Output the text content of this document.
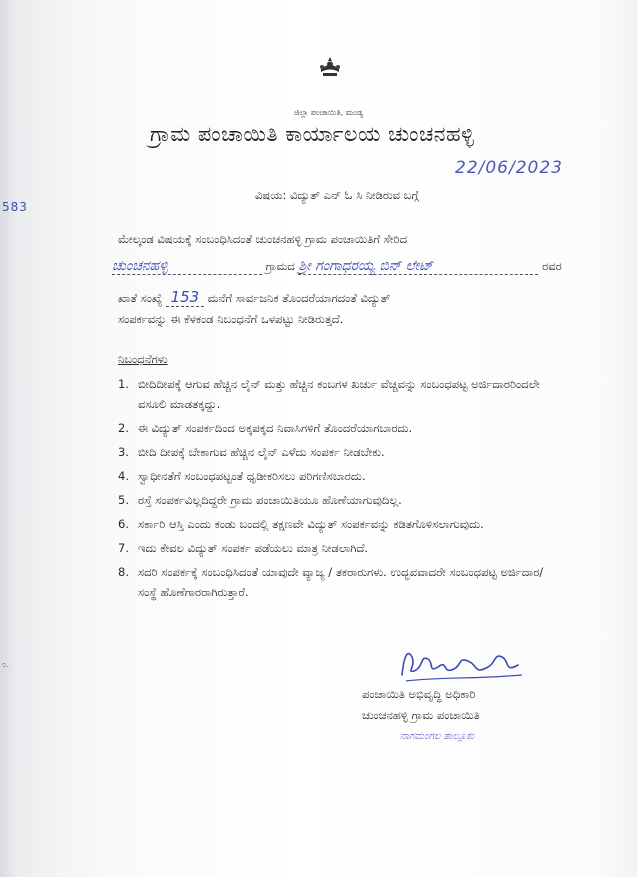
583
೦.
ಜಿಲ್ಲಾ ಪಂಚಾಯಿತಿ, ಮಂಡ್ಯ
ಗ್ರಾಮ ಪಂಚಾಯಿತಿ ಕಾರ್ಯಾಲಯ ಚುಂಚನಹಳ್ಳಿ
22/06/2023
ವಿಷಯ: ವಿದ್ಯುತ್ ಎನ್ ಓ ಸಿ ನೀಡಿರುವ ಬಗ್ಗೆ
ಮೇಲ್ಕಂಡ ವಿಷಯಕ್ಕೆ ಸಂಬಂಧಿಸಿದಂತೆ ಚುಂಚನಹಳ್ಳಿ ಗ್ರಾಮ ಪಂಚಾಯಿತಿಗೆ ಸೇರಿದ
ಚುಂಚನಹಳ್ಳಿ	ಗ್ರಾಮದ ಶ್ರೀ ಗಂಗಾಧರಯ್ಯ ಬಿನ್ ಲೇಟ್	ರವರ
ಖಾತೆ ಸಂಖ್ಯೆ 153 ಮನೆಗೆ ಸಾರ್ವಜನಿಕ ತೊಂದರೆಯಾಗದಂತೆ ವಿದ್ಯುತ್
ಸಂಪರ್ಕವನ್ನು ಈ ಕೆಳಕಂಡ ನಿಬಂಧನೆಗೆ ಒಳಪಟ್ಟು ನೀಡಿರುತ್ತದೆ.
ನಿಬಂಧನೆಗಳು
1. ಬೀದಿದೀಪಕ್ಕೆ ಆಗುವ ಹೆಚ್ಚಿನ ಲೈನ್ ಮತ್ತು ಹೆಚ್ಚಿನ ಕಂಬಗಳ ಖರ್ಚು ವೆಚ್ಚವನ್ನು ಸಂಬಂಧಪಟ್ಟ ಅರ್ಜಿದಾರರಿಂದಲೇ ವಸೂಲಿ ಮಾಡತಕ್ಕದ್ದು.
2. ಈ ವಿದ್ಯುತ್ ಸಂಪರ್ಕದಿಂದ ಅಕ್ಕಪಕ್ಕದ ನಿವಾಸಿಗಳಿಗೆ ತೊಂದರೆಯಾಗಬಾರದು.
3. ಬೀದಿ ದೀಪಕ್ಕೆ ಬೇಕಾಗುವ ಹೆಚ್ಚಿನ ಲೈನ್ ಎಳೆದು ಸಂಪರ್ಕ ನೀಡಬೇಕು.
4. ಸ್ವಾಧೀನತೆಗೆ ಸಂಬಂಧಪಟ್ಟಂತೆ ಧೃಡೀಕರಿಸಲು ಪರಿಗಣಿಸಬಾರದು.
5. ರಸ್ತೆ ಸಂಪರ್ಕವಿಲ್ಲದಿದ್ದರೇ ಗ್ರಾಮ ಪಂಚಾಯಿತಿಯೂ ಹೊಣೆಯಾಗುವುದಿಲ್ಲ.
6. ಸರ್ಕಾರಿ ಆಸ್ತಿ ಎಂದು ಕಂಡು ಬಂದಲ್ಲಿ ತಕ್ಷಣವೇ ವಿದ್ಯುತ್ ಸಂಪರ್ಕವನ್ನು ಕಡಿತಗೊಳಿಸಲಾಗುವುದು.
7. ಇದು ಕೇವಲ ವಿದ್ಯುತ್ ಸಂಪರ್ಕ ಪಡೆಯಲು ಮಾತ್ರ ನೀಡಲಾಗಿದೆ.
8. ಸದರಿ ಸಂಪರ್ಕಕ್ಕೆ ಸಂಬಂಧಿಸಿದಂತೆ ಯಾವುದೇ ವ್ಯಾಜ್ಯ / ತಕರಾರುಗಳು. ಉದ್ಭವವಾದರೇ ಸಂಬಂಧಪಟ್ಟ ಅರ್ಜಿದಾರ/ ಸಂಸ್ಥೆ ಹೊಣೆಗಾರರಾಗಿರುತ್ತಾರೆ.
ಪಂಚಾಯಿತಿ ಅಭಿವೃದ್ಧಿ ಅಧಿಕಾರಿ
ಚುಂಚನಹಳ್ಳಿ ಗ್ರಾಮ ಪಂಚಾಯಿತಿ
ನಾಗಮಂಗಲ ತಾಲ್ಲೂಕು
